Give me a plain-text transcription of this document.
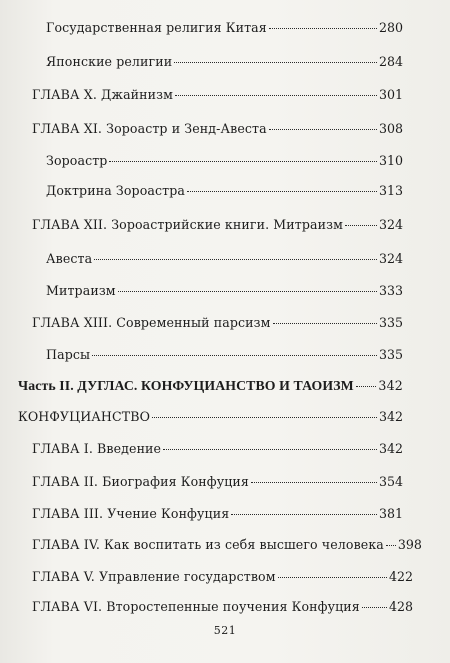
Государственная религия Китая	280
Японские религии	284
ГЛАВА X. Джайнизм	301
ГЛАВА XI. Зороастр и Зенд-Авеста	308
Зороастр	310
Доктрина Зороастра	313
ГЛАВА XII. Зороастрийские книги. Митраизм	324
Авеста	324
Митраизм	333
ГЛАВА XIII. Современный парсизм	335
Парсы	335
Часть II. ДУГЛАС. КОНФУЦИАНСТВО И ТАОИЗМ 342
КОНФУЦИАНСТВО	342
ГЛАВА I. Введение	342
ГЛАВА II. Биография Конфуция	354
ГЛАВА III. Учение Конфуция	381
ГЛАВА IV. Как воспитать из себя высшего человека 398
ГЛАВА V. Управление государством	422
ГЛАВА VI. Второстепенные поучения Конфуция 428
521
